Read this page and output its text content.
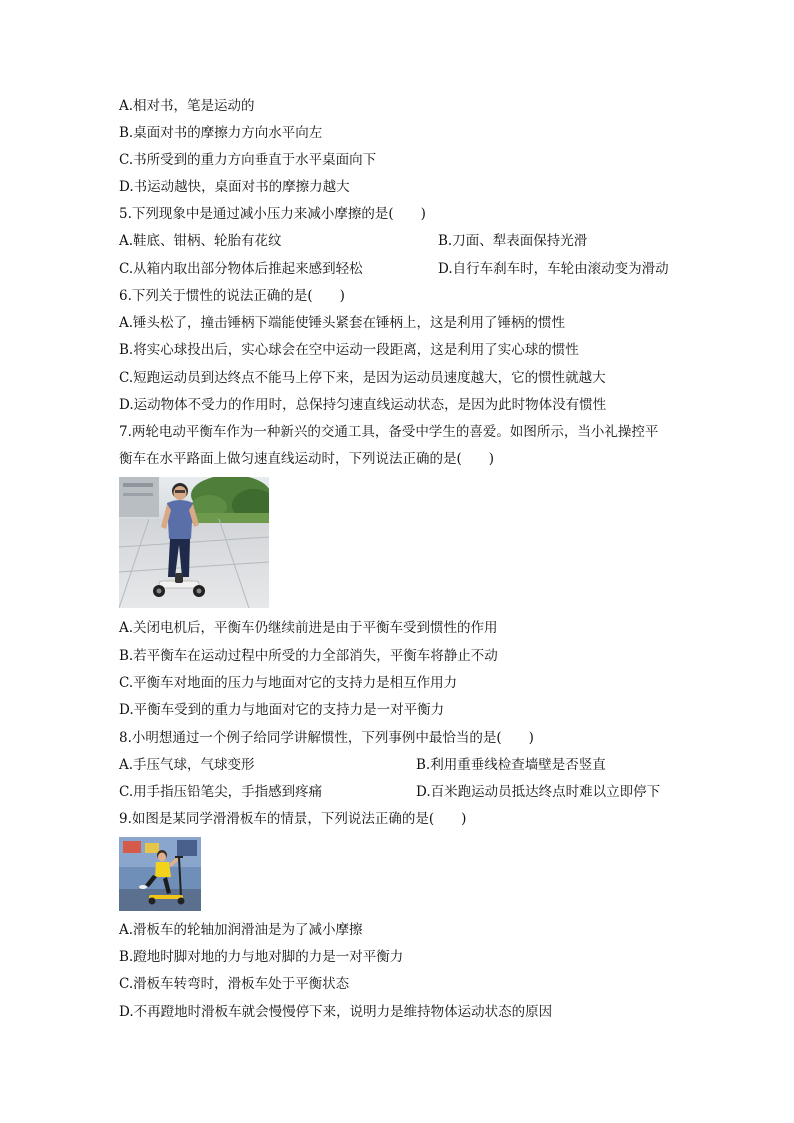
A.相对书，笔是运动的
B.桌面对书的摩擦力方向水平向左
C.书所受到的重力方向垂直于水平桌面向下
D.书运动越快，桌面对书的摩擦力越大
5.下列现象中是通过减小压力来减小摩擦的是(　　)
A.鞋底、钳柄、轮胎有花纹	B.刀面、犁表面保持光滑
C.从箱内取出部分物体后推起来感到轻松	D.自行车刹车时，车轮由滚动变为滑动
6.下列关于惯性的说法正确的是(　　)
A.锤头松了，撞击锤柄下端能使锤头紧套在锤柄上，这是利用了锤柄的惯性
B.将实心球投出后，实心球会在空中运动一段距离，这是利用了实心球的惯性
C.短跑运动员到达终点不能马上停下来，是因为运动员速度越大，它的惯性就越大
D.运动物体不受力的作用时，总保持匀速直线运动状态，是因为此时物体没有惯性
7.两轮电动平衡车作为一种新兴的交通工具，备受中学生的喜爱。如图所示，当小礼操控平
衡车在水平路面上做匀速直线运动时，下列说法正确的是(　　)
A.关闭电机后，平衡车仍继续前进是由于平衡车受到惯性的作用
B.若平衡车在运动过程中所受的力全部消失，平衡车将静止不动
C.平衡车对地面的压力与地面对它的支持力是相互作用力
D.平衡车受到的重力与地面对它的支持力是一对平衡力
8.小明想通过一个例子给同学讲解惯性，下列事例中最恰当的是(　　)
A.手压气球，气球变形	B.利用重垂线检查墙壁是否竖直
C.用手指压铅笔尖，手指感到疼痛	D.百米跑运动员抵达终点时难以立即停下
9.如图是某同学滑滑板车的情景，下列说法正确的是(　　)
A.滑板车的轮轴加润滑油是为了减小摩擦
B.蹬地时脚对地的力与地对脚的力是一对平衡力
C.滑板车转弯时，滑板车处于平衡状态
D.不再蹬地时滑板车就会慢慢停下来，说明力是维持物体运动状态的原因
